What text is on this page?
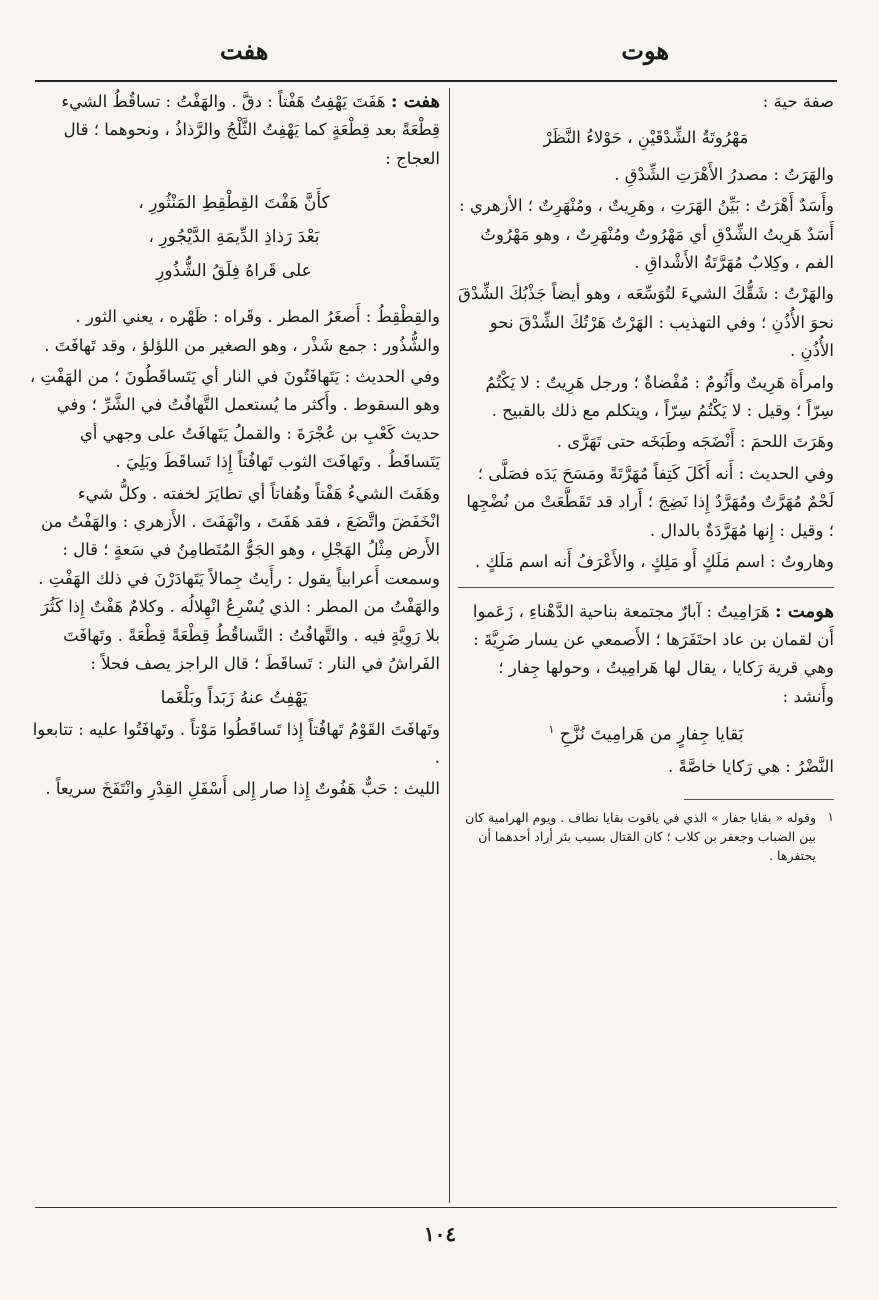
هوت
هفت

صفة حية :

مَهْرُوتَةُ الشِّدْقَيْنِ ، حَوْلاءُ النَّظَرْ

والهَرَتُ : مصدرُ الأَهْرَتِ الشِّدْقِ .

وأَسَدٌ أَهْرَتُ : بَيِّنُ الهَرَتِ ، وهَرِيتٌ ، ومُنْهَرِتٌ ؛ الأزهري : أَسَدٌ هَرِيتُ الشِّدْقِ أي مَهْرُوتٌ ومُنْهَرِتٌ ، وهو مَهْرُوتُ الفم ، وكِلابٌ مُهَرَّتَةُ الأَشْداقِ .

والهَرْتُ : شَقُّكَ الشيءَ لتُوَسِّعَه ، وهو أيضاً جَذْبُكَ الشِّدْقَ نحوَ الأُذُنِ ؛ وفي التهذيب : الهَرْتُ هَرْتُكَ الشِّدْقَ نحو الأُذُنِ .

وامرأَة هَرِيتٌ وأَثُومٌ : مُفْضاةٌ ؛ ورجل هَرِيتٌ : لا يَكْتُمُ سِرّاً ؛ وقيل : لا يَكْتُمُ سِرّاً ، ويتكلم مع ذلك بالقبيح .

وهَرَتَ اللحمَ : أَنْضَجَه وطَبَخَه حتى تَهَرَّى .

وفي الحديث : أَنه أَكَلَ كَتِفاً مُهَرَّتَةً ومَسَحَ يَدَه فصَلَّى ؛ لَحْمٌ مُهَرَّتٌ ومُهَرَّدٌ إِذا نَضِجَ ؛ أَراد قد تَقَطَّعَتْ من نُضْجِها ؛ وقيل : إِنها مُهَرَّدَةٌ بالدال .

وهاروتُ : اسم مَلَكٍ أَو مَلِكٍ ، والأَعْرَفُ أَنه اسم مَلَكٍ .

هومت : هَرَامِيتُ : آبارٌ مجتمعة بناحية الدَّهْناءِ ، زَعَموا أَن لقمان بن عاد احتَفَرَها ؛ الأَصمعي عن يسار ضَرِيَّةَ : وهي قرية رَكايا ، يقال لها هَرامِيتُ ، وحولها جِفار ؛ وأَنشد :

بَقايا جِفارٍ من هَرامِيتَ نُزَّحِ $^١$

النَّضْرُ : هي رَكايا خاصَّةً .

١
وقوله « بقايا جفار » الذي في ياقوت بقايا نطاف . ويوم الهرامية كان بين الضباب وجعفر بن كلاب ؛ كان القتال بسبب بئر أراد أحدهما أن يحتفرها .

هفت : هَفَتَ يَهْفِتُ هَفْتاً : دقَّ . والهَفْتُ : تساقُطُ الشيء قِطْعَةً بعد قِطْعَةٍ كما يَهْفِتُ الثَّلْجُ والرَّذاذُ ، ونحوهما ؛ قال العجاج :

كأَنَّ هَفْتَ القِطْقِطِ المَنْثُورِ ،

بَعْدَ رَذاذِ الدِّيمَةِ الدَّيْجُورِ ،

على قَراهُ فِلَقُ الشُّذُورِ

والقِطْقِطُ : أَصغَرُ المطر . وقَراه : ظَهْره ، يعني الثور . والشُّذُور : جمع شَذْر ، وهو الصغير من اللؤلؤ ، وقد تَهافَتَ .

وفي الحديث : يَتَهافَتُونَ في النار أي يَتَساقَطُونَ ؛ من الهَفْتِ ، وهو السقوط . وأَكثر ما يُستعمل التَّهافُتُ في الشَّرِّ ؛ وفي حديث كَعْبِ بن عُجْرَةَ : والقملُ يَتَهافَتُ على وجهي أي يَتَساقَطُ . وتَهافَتَ الثوب تَهافُتاً إِذا تَساقَطَ وبَلِيَ .

وهَفَتَ الشيءُ هَفْتاً وهُفاتاً أي تطايَرَ لخفته . وكلُّ شيء انْخَفَضَ واتَّضَعَ ، فقد هَفَتَ ، وانْهَفَتَ . الأَزهري : والهَفْتُ من الأَرض مِثْلُ الهَجْلِ ، وهو الجَوُّ المُتَطامِنُ في سَعةٍ ؛ قال : وسمعت أَعرابياً يقول : رأَيتُ جِمالاً يَتَهادَرْنَ في ذلك الهَفْتِ . والهَفْتُ من المطر : الذي يُسْرِعُ انْهِلالُه . وكلامٌ هَفْتٌ إِذا كَثُرَ بلا رَوِيَّةٍ فيه . والتَّهافُتُ : التَّساقُطُ قِطْعَةً قِطْعَةً . وتَهافَتَ الفَراشُ في النار : تَساقَطَ ؛ قال الراجز يصف فحلاً :

يَهْفِتُ عنهُ زَبَداً وبَلْغَما

وتَهافَتَ القَوْمُ تَهافُتاً إِذا تَساقَطُوا مَوْتاً . وتَهافَتُوا عليه : تتابعوا .

الليث : حَبٌّ هَفُوتٌ إِذا صار إِلى أَسْفَلِ القِدْرِ وانْتَفَخَ سريعاً .

١٠٤
